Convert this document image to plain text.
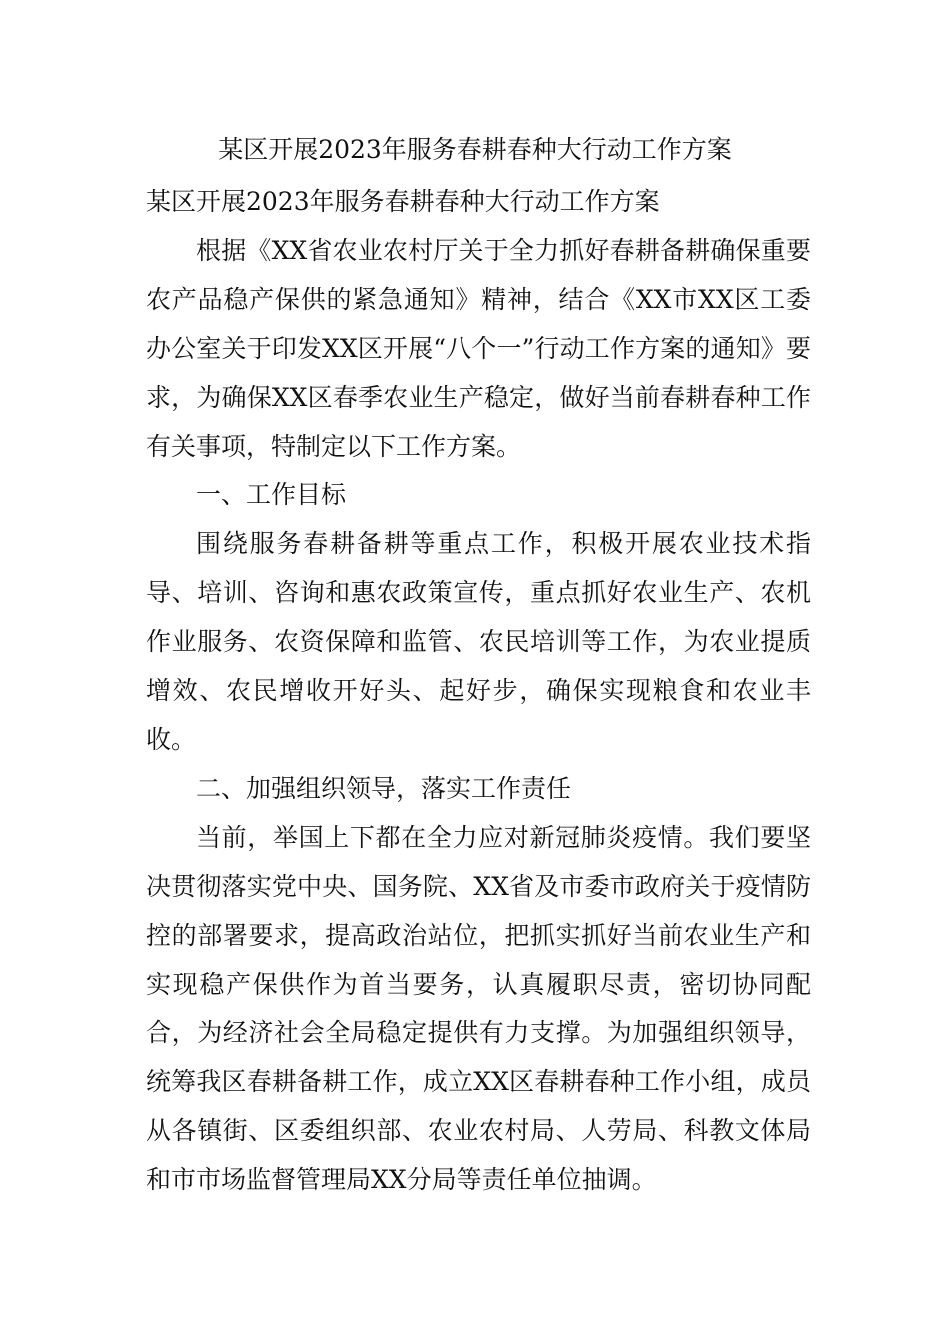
某区开展2023年服务春耕春种大行动工作方案

某区开展2023年服务春耕春种大行动工作方案

根据《XX省农业农村厅关于全力抓好春耕备耕确保重要农产品稳产保供的紧急通知》精神，结合《XX市XX区工委办公室关于印发XX区开展“八个一”行动工作方案的通知》要求，为确保XX区春季农业生产稳定，做好当前春耕春种工作有关事项，特制定以下工作方案。

一、工作目标

围绕服务春耕备耕等重点工作，积极开展农业技术指导、培训、咨询和惠农政策宣传，重点抓好农业生产、农机作业服务、农资保障和监管、农民培训等工作，为农业提质增效、农民增收开好头、起好步，确保实现粮食和农业丰收。

二、加强组织领导，落实工作责任

当前，举国上下都在全力应对新冠肺炎疫情。我们要坚决贯彻落实党中央、国务院、XX省及市委市政府关于疫情防控的部署要求，提高政治站位，把抓实抓好当前农业生产和实现稳产保供作为首当要务，认真履职尽责，密切协同配合，为经济社会全局稳定提供有力支撑。为加强组织领导，统筹我区春耕备耕工作，成立XX区春耕春种工作小组，成员从各镇街、区委组织部、农业农村局、人劳局、科教文体局和市市场监督管理局XX分局等责任单位抽调。
